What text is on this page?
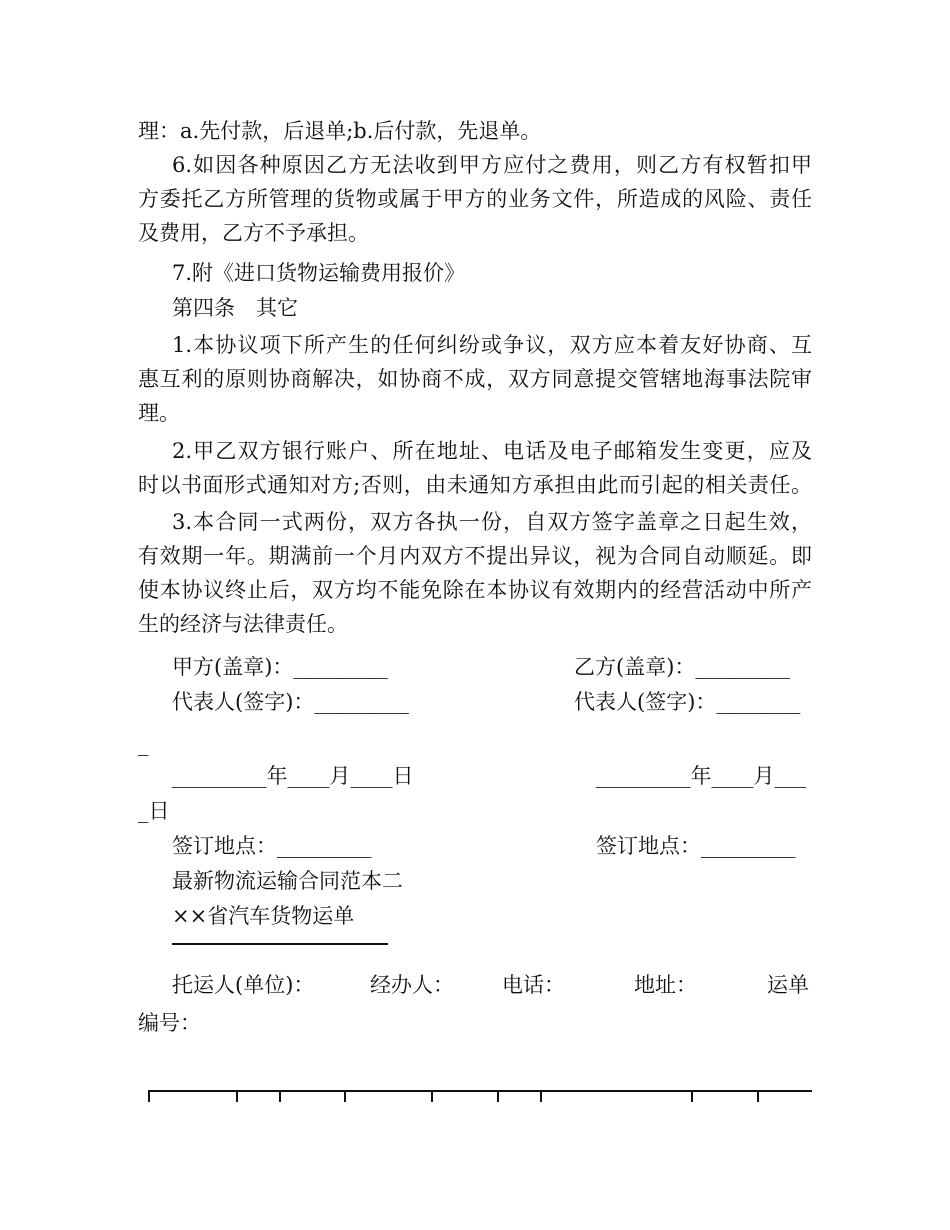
理：a.先付款，后退单;b.后付款，先退单。
6.如因各种原因乙方无法收到甲方应付之费用，则乙方有权暂扣甲
方委托乙方所管理的货物或属于甲方的业务文件，所造成的风险、责任
及费用，乙方不予承担。
7.附《进口货物运输费用报价》
第四条　其它
1.本协议项下所产生的任何纠纷或争议，双方应本着友好协商、互
惠互利的原则协商解决，如协商不成，双方同意提交管辖地海事法院审
理。
2.甲乙双方银行账户、所在地址、电话及电子邮箱发生变更，应及
时以书面形式通知对方;否则，由未通知方承担由此而引起的相关责任。
3.本合同一式两份，双方各执一份，自双方签字盖章之日起生效，
有效期一年。期满前一个月内双方不提出异议，视为合同自动顺延。即
使本协议终止后，双方均不能免除在本协议有效期内的经营活动中所产
生的经济与法律责任。
甲方(盖章)：_________	乙方(盖章)：_________
代表人(签字)：_________	代表人(签字)：________
_
_________年____月____日	_________年____月___
_日
签订地点：_________	签订地点：_________
最新物流运输合同范本二
××省汽车货物运单
托运人(单位)：	经办人： 电话：	地址：	运单
编号：
